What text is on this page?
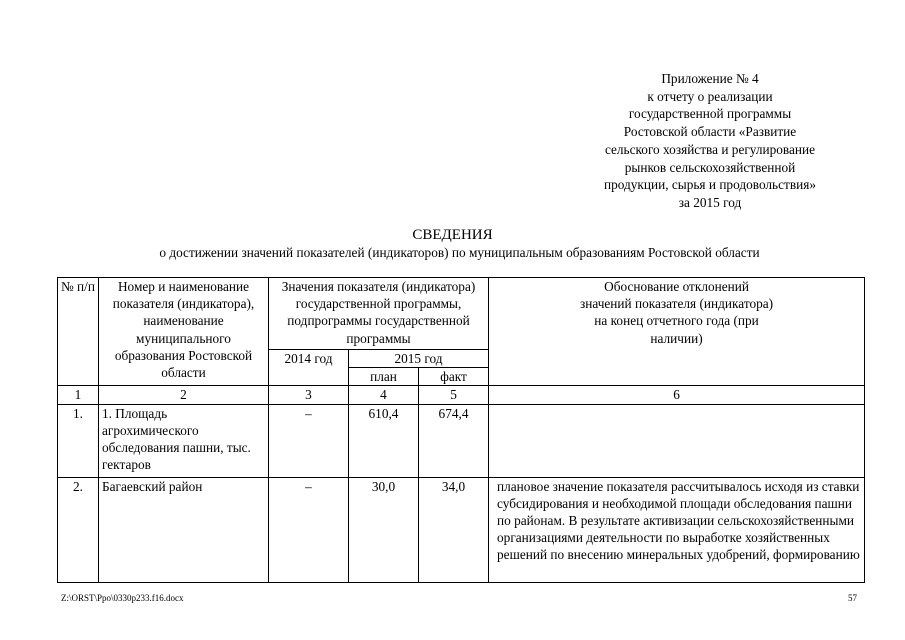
Приложение № 4
к отчету о реализации
государственной программы
Ростовской области «Развитие
сельского хозяйства и регулирование
рынков сельскохозяйственной
продукции, сырья и продовольствия»
за 2015 год
СВЕДЕНИЯ
о достижении значений показателей (индикаторов) по муниципальным образованиям Ростовской области
№ п/п	Номер и наименование показателя (индикатора), наименование муниципального образования Ростовской области	Значения показателя (индикатора) государственной программы, подпрограммы государственной программы			Обоснование отклонений значений показателя (индикатора) на конец отчетного года (при наличии)
		2014 год	2015 год		
			план	факт	
1	2	3	4	5	6
1.	1. Площадь агрохимического обследования пашни, тыс. гектаров	–	610,4	674,4	
2.	Багаевский район	–	30,0	34,0	плановое значение показателя рассчитывалось исходя из ставки субсидирования и необходимой площади обследования пашни по районам. В результате активизации сельскохозяйственными организациями деятельности по выработке хозяйственных решений по внесению минеральных удобрений, формированию
Z:\ORST\Ppo\0330p233.f16.docx	57
